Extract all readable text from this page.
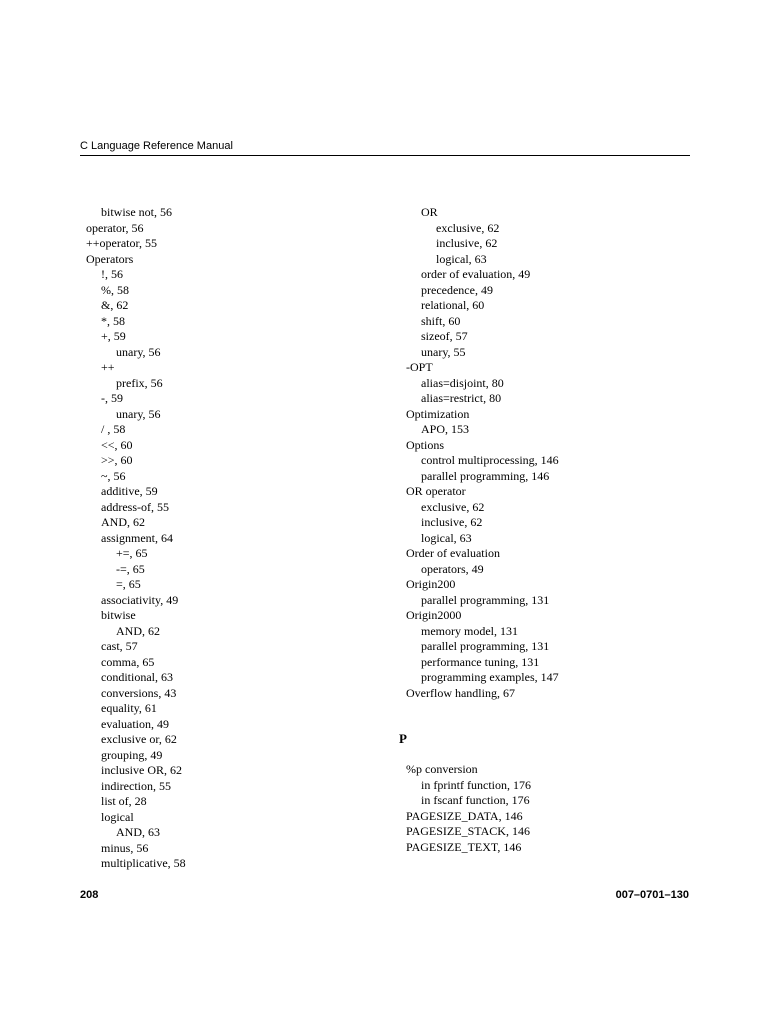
C Language Reference Manual
bitwise not, 56
operator, 56
++operator, 55
Operators
!, 56
%, 58
&, 62
*, 58
+, 59
unary, 56
++
prefix, 56
-, 59
unary, 56
/ , 58
<<, 60
>>, 60
~, 56
additive, 59
address-of, 55
AND, 62
assignment, 64
+=, 65
-=, 65
=, 65
associativity, 49
bitwise
AND, 62
cast, 57
comma, 65
conditional, 63
conversions, 43
equality, 61
evaluation, 49
exclusive or, 62
grouping, 49
inclusive OR, 62
indirection, 55
list of, 28
logical
AND, 63
minus, 56
multiplicative, 58
OR
exclusive, 62
inclusive, 62
logical, 63
order of evaluation, 49
precedence, 49
relational, 60
shift, 60
sizeof, 57
unary, 55
-OPT
alias=disjoint, 80
alias=restrict, 80
Optimization
APO, 153
Options
control multiprocessing, 146
parallel programming, 146
OR operator
exclusive, 62
inclusive, 62
logical, 63
Order of evaluation
operators, 49
Origin200
parallel programming, 131
Origin2000
memory model, 131
parallel programming, 131
performance tuning, 131
programming examples, 147
Overflow handling, 67
P
%p conversion
in fprintf function, 176
in fscanf function, 176
PAGESIZE_DATA, 146
PAGESIZE_STACK, 146
PAGESIZE_TEXT, 146
208	007–0701–130
